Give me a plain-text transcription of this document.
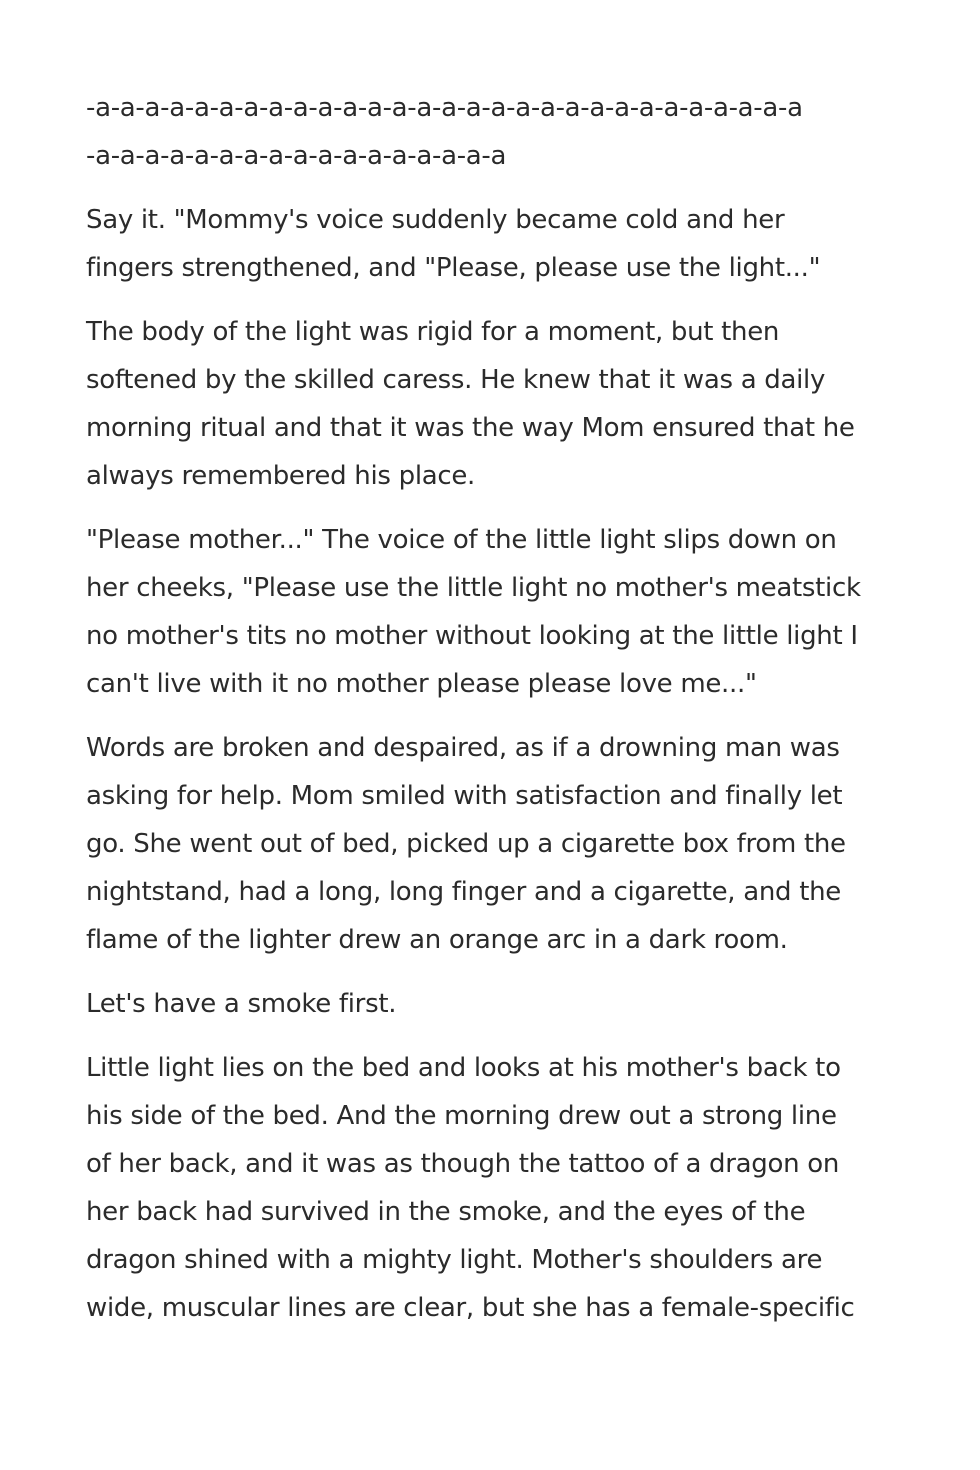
-a-a-a-a-a-a-a-a-a-a-a-a-a-a-a-a-a-a-a-a-a-a-a-a-a-a-a-a-a
-a-a-a-a-a-a-a-a-a-a-a-a-a-a-a-a-a

Say it. "Mommy's voice suddenly became cold and her
fingers strengthened, and "Please, please use the light..."

The body of the light was rigid for a moment, but then
softened by the skilled caress. He knew that it was a daily
morning ritual and that it was the way Mom ensured that he
always remembered his place.

"Please mother..." The voice of the little light slips down on
her cheeks, "Please use the little light no mother's meatstick
no mother's tits no mother without looking at the little light I
can't live with it no mother please please love me..."

Words are broken and despaired, as if a drowning man was
asking for help. Mom smiled with satisfaction and finally let
go. She went out of bed, picked up a cigarette box from the
nightstand, had a long, long finger and a cigarette, and the
flame of the lighter drew an orange arc in a dark room.

Let's have a smoke first.

Little light lies on the bed and looks at his mother's back to
his side of the bed. And the morning drew out a strong line
of her back, and it was as though the tattoo of a dragon on
her back had survived in the smoke, and the eyes of the
dragon shined with a mighty light. Mother's shoulders are
wide, muscular lines are clear, but she has a female-specific
